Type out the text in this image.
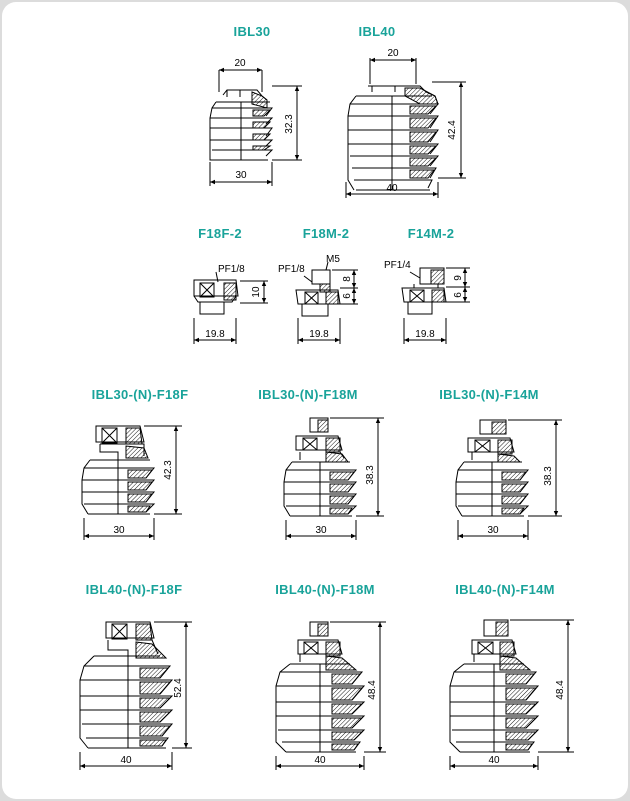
IBL30	IBL40
F18F-2	F18M-2	F14M-2
IBL30-(N)-F18F	IBL30-(N)-F18M	IBL30-(N)-F14M
IBL40-(N)-F18F	IBL40-(N)-F18M	IBL40-(N)-F14M
20
32.3
30
20
42.4
40
PF1/8
10
19.8
PF1/8
M5
8
6
19.8
PF1/4
9
6
19.8
42.3
30
38.3
30
38.3
30
52.4
40
48.4
40
48.4
40
